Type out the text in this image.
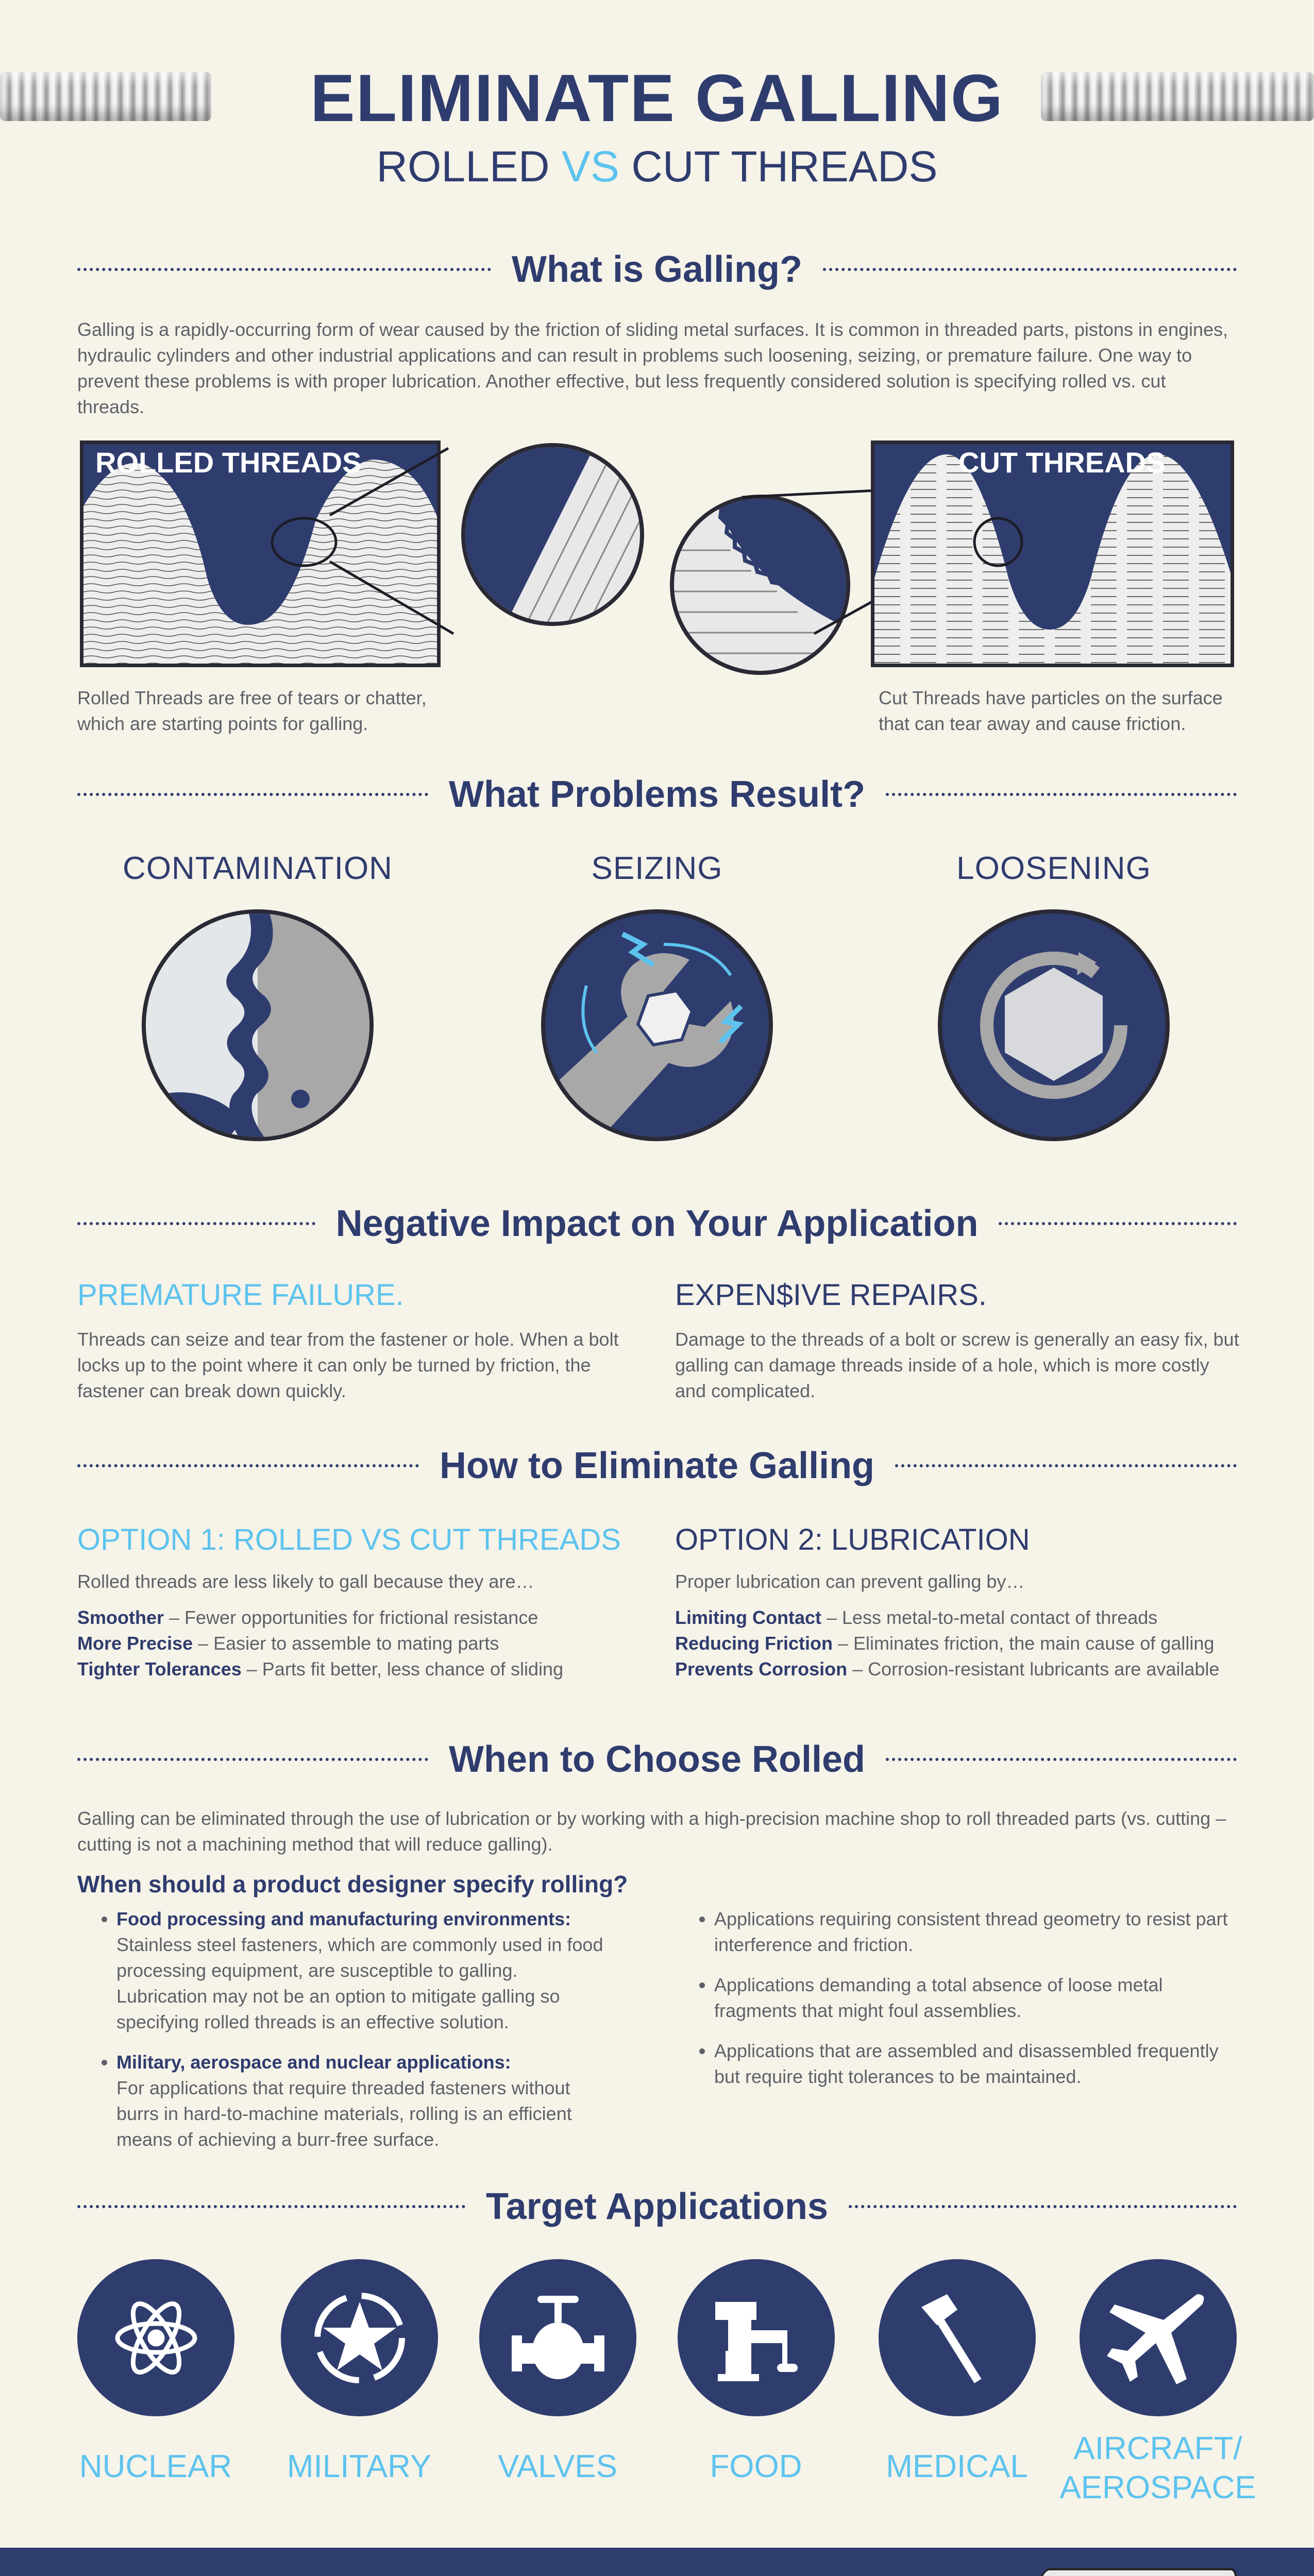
ELIMINATE GALLING
ROLLED VS CUT THREADS
What is Galling?
Galling is a rapidly-occurring form of wear caused by the friction of sliding metal surfaces. It is common in threaded parts, pistons in engines, hydraulic cylinders and other industrial applications and can result in problems such loosening, seizing, or premature failure. One way to prevent these problems is with proper lubrication. Another effective, but less frequently considered solution is specifying rolled vs. cut threads.
ROLLED THREADS	CUT THREADS
Rolled Threads are free of tears or chatter, which are starting points for galling.
Cut Threads have particles on the surface that can tear away and cause friction.
What Problems Result?
CONTAMINATION	SEIZING	LOOSENING
Negative Impact on Your Application
PREMATURE FAILURE.
Threads can seize and tear from the fastener or hole. When a bolt locks up to the point where it can only be turned by friction, the fastener can break down quickly.
EXPEN$IVE REPAIRS.
Damage to the threads of a bolt or screw is generally an easy fix, but galling can damage threads inside of a hole, which is more costly and complicated.
How to Eliminate Galling
OPTION 1: ROLLED VS CUT THREADS
Rolled threads are less likely to gall because they are…
Smoother – Fewer opportunities for frictional resistance
More Precise – Easier to assemble to mating parts
Tighter Tolerances – Parts fit better, less chance of sliding
OPTION 2: LUBRICATION
Proper lubrication can prevent galling by…
Limiting Contact – Less metal-to-metal contact of threads
Reducing Friction – Eliminates friction, the main cause of galling
Prevents Corrosion – Corrosion-resistant lubricants are available
When to Choose Rolled
Galling can be eliminated through the use of lubrication or by working with a high-precision machine shop to roll threaded parts (vs. cutting – cutting is not a machining method that will reduce galling).
When should a product designer specify rolling?
• Food processing and manufacturing environments:
Stainless steel fasteners, which are commonly used in food processing equipment, are susceptible to galling. Lubrication may not be an option to mitigate galling so specifying rolled threads is an effective solution.
• Military, aerospace and nuclear applications:
For applications that require threaded fasteners without burrs in hard-to-machine materials, rolling is an efficient means of achieving a burr-free surface.
• Applications requiring consistent thread geometry to resist part interference and friction.
• Applications demanding a total absence of loose metal fragments that might foul assemblies.
• Applications that are assembled and disassembled frequently but require tight tolerances to be maintained.
Target Applications
NUCLEAR	MILITARY	VALVES	FOOD	MEDICAL
AIRCRAFT/ AEROSPACE
